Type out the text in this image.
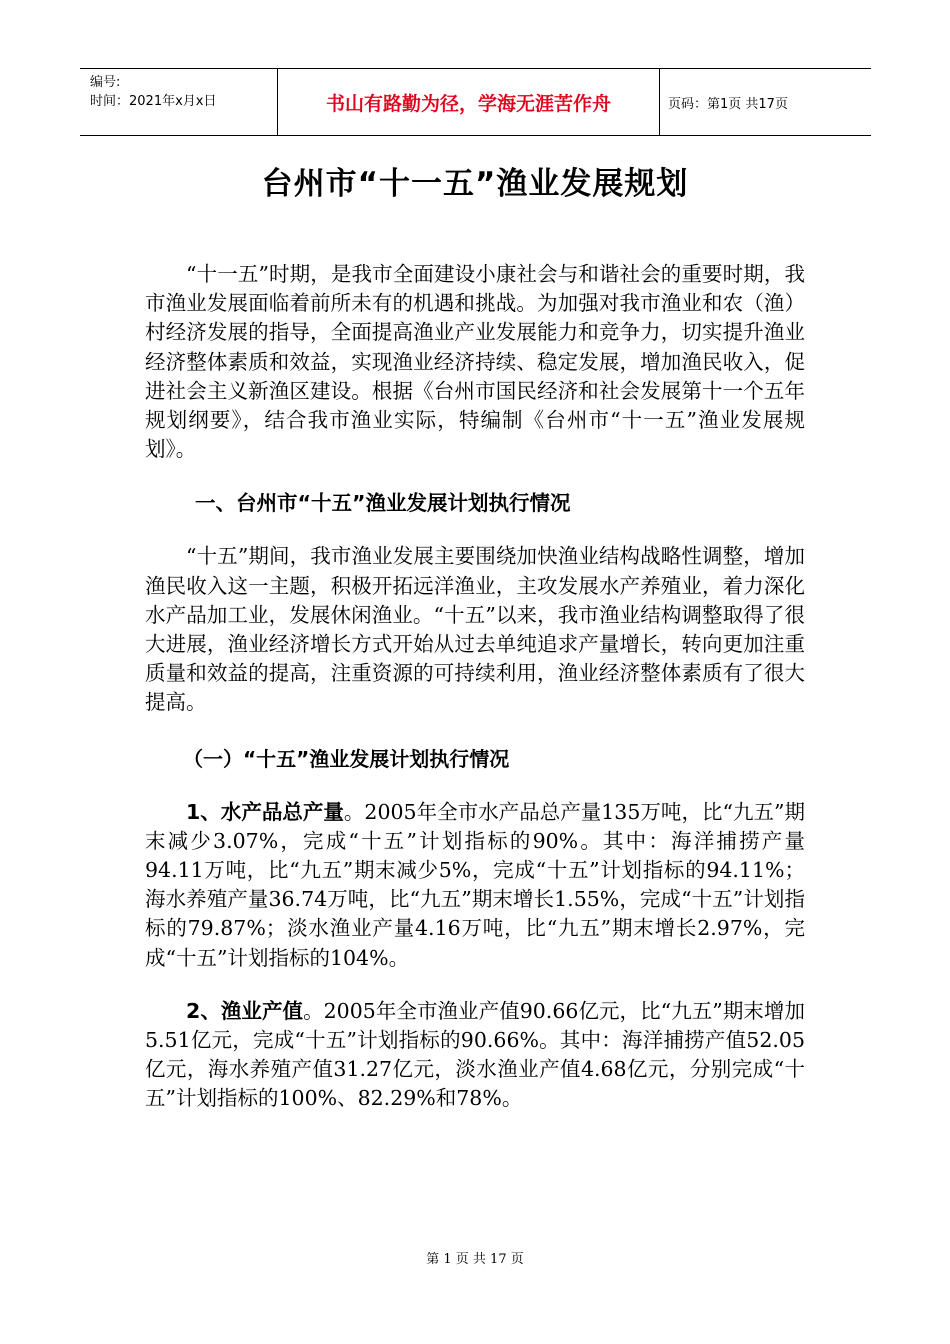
编号:
时间：2021年x月x日	书山有路勤为径，学海无涯苦作舟	页码：第1页 共17页
台州市“十一五”渔业发展规划

“十一五”时期，是我市全面建设小康社会与和谐社会的重要时期，我市渔业发展面临着前所未有的机遇和挑战。为加强对我市渔业和农（渔）村经济发展的指导，全面提高渔业产业发展能力和竞争力，切实提升渔业经济整体素质和效益，实现渔业经济持续、稳定发展，增加渔民收入，促进社会主义新渔区建设。根据《台州市国民经济和社会发展第十一个五年规划纲要》，结合我市渔业实际，特编制《台州市“十一五”渔业发展规划》。

一、台州市“十五”渔业发展计划执行情况

“十五”期间，我市渔业发展主要围绕加快渔业结构战略性调整，增加渔民收入这一主题，积极开拓远洋渔业，主攻发展水产养殖业，着力深化水产品加工业，发展休闲渔业。“十五”以来，我市渔业结构调整取得了很大进展，渔业经济增长方式开始从过去单纯追求产量增长，转向更加注重质量和效益的提高，注重资源的可持续利用，渔业经济整体素质有了很大提高。

（一）“十五”渔业发展计划执行情况

1、水产品总产量。2005年全市水产品总产量135万吨，比“九五”期末减少3.07%，完成“十五”计划指标的90%。其中：海洋捕捞产量94.11万吨，比“九五”期末减少5%，完成“十五”计划指标的94.11%；海水养殖产量36.74万吨，比“九五”期末增长1.55%，完成“十五”计划指标的79.87%；淡水渔业产量4.16万吨，比“九五”期末增长2.97%，完成“十五”计划指标的104%。

2、渔业产值。2005年全市渔业产值90.66亿元，比“九五”期末增加5.51亿元，完成“十五”计划指标的90.66%。其中：海洋捕捞产值52.05亿元，海水养殖产值31.27亿元，淡水渔业产值4.68亿元，分别完成“十五”计划指标的100%、82.29%和78%。

第 1 页 共 17 页
